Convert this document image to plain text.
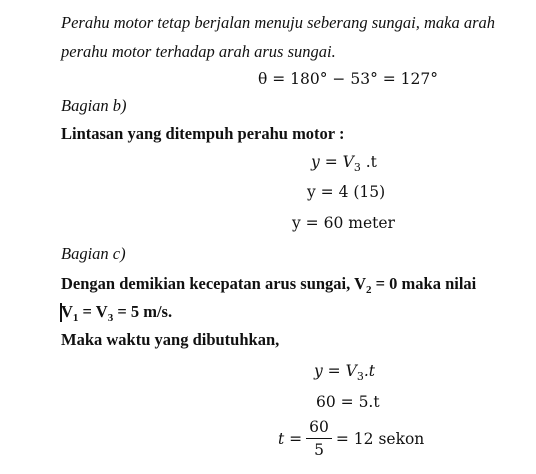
Perahu motor tetap berjalan menuju seberang sungai, maka arah
perahu motor terhadap arah arus sungai.
θ = 180° − 53° = 127°
Bagian b)
Lintasan yang ditempuh perahu motor :
$y = V_3$ .t
y = 4 (15)
y = 60 meter
Bagian c)
Dengan demikian kecepatan arus sungai, $V_2 = 0$ maka nilai
$V_1 = V_3 = 5$ m/s.
Maka waktu yang dibutuhkan,
$y = V_3.t$
60 = 5.t
$t = \frac{60}{5} = 12$ sekon
